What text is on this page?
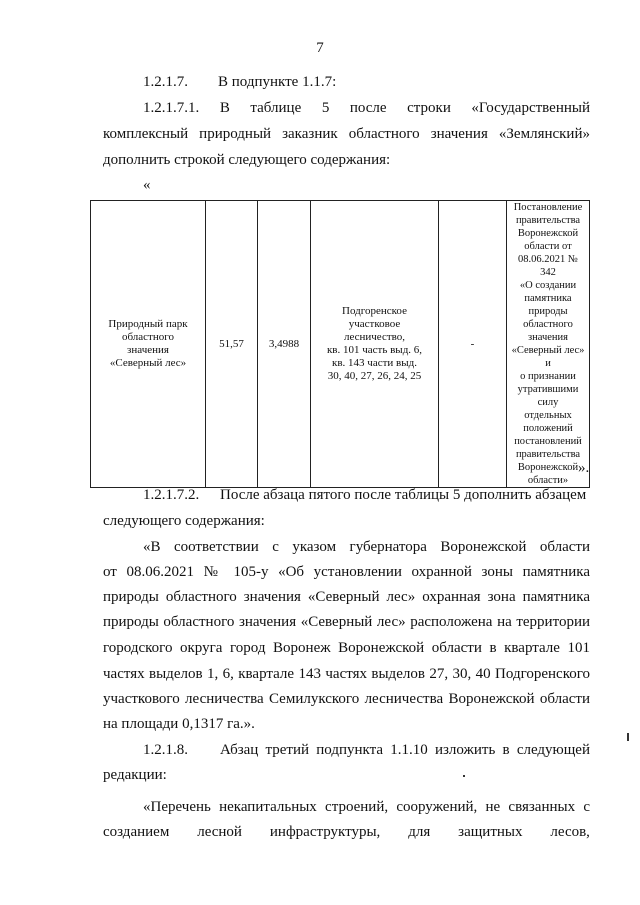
7
1.2.1.7. В подпункте 1.1.7:
1.2.1.7.1. В таблице 5 после строки «Государственный
комплексный природный заказник областного значения «Землянский»
дополнить строкой следующего содержания:
«
Природный парк
областного
значения
«Северный лес»	51,57	3,4988	Подгоренское
участковое
лесничество,
кв. 101 часть выд. 6,
кв. 143 части выд.
30, 40, 27, 26, 24, 25	-	Постановление
правительства
Воронежской
области от
08.06.2021 № 342
«О создании
памятника
природы
областного
значения
«Северный лес» и
о признании
утратившими силу
отдельных
положений
постановлений
правительства
Воронежской
области»
».
1.2.1.7.2. После абзаца пятого после таблицы 5 дополнить абзацем
следующего содержания:
«В соответствии с указом губернатора Воронежской области
от 08.06.2021 № 105-у «Об установлении охранной зоны памятника
природы областного значения «Северный лес» охранная зона памятника
природы областного значения «Северный лес» расположена на территории
городского округа город Воронеж Воронежской области в квартале 101
частях выделов 1, 6, квартале 143 частях выделов 27, 30, 40 Подгоренского
участкового лесничества Семилукского лесничества Воронежской области
на площади 0,1317 га.».
1.2.1.8.	Абзац третий подпункта 1.1.10 изложить в следующей
редакции:
«Перечень некапитальных строений, сооружений, не связанных с
созданием лесной инфраструктуры, для защитных лесов,
